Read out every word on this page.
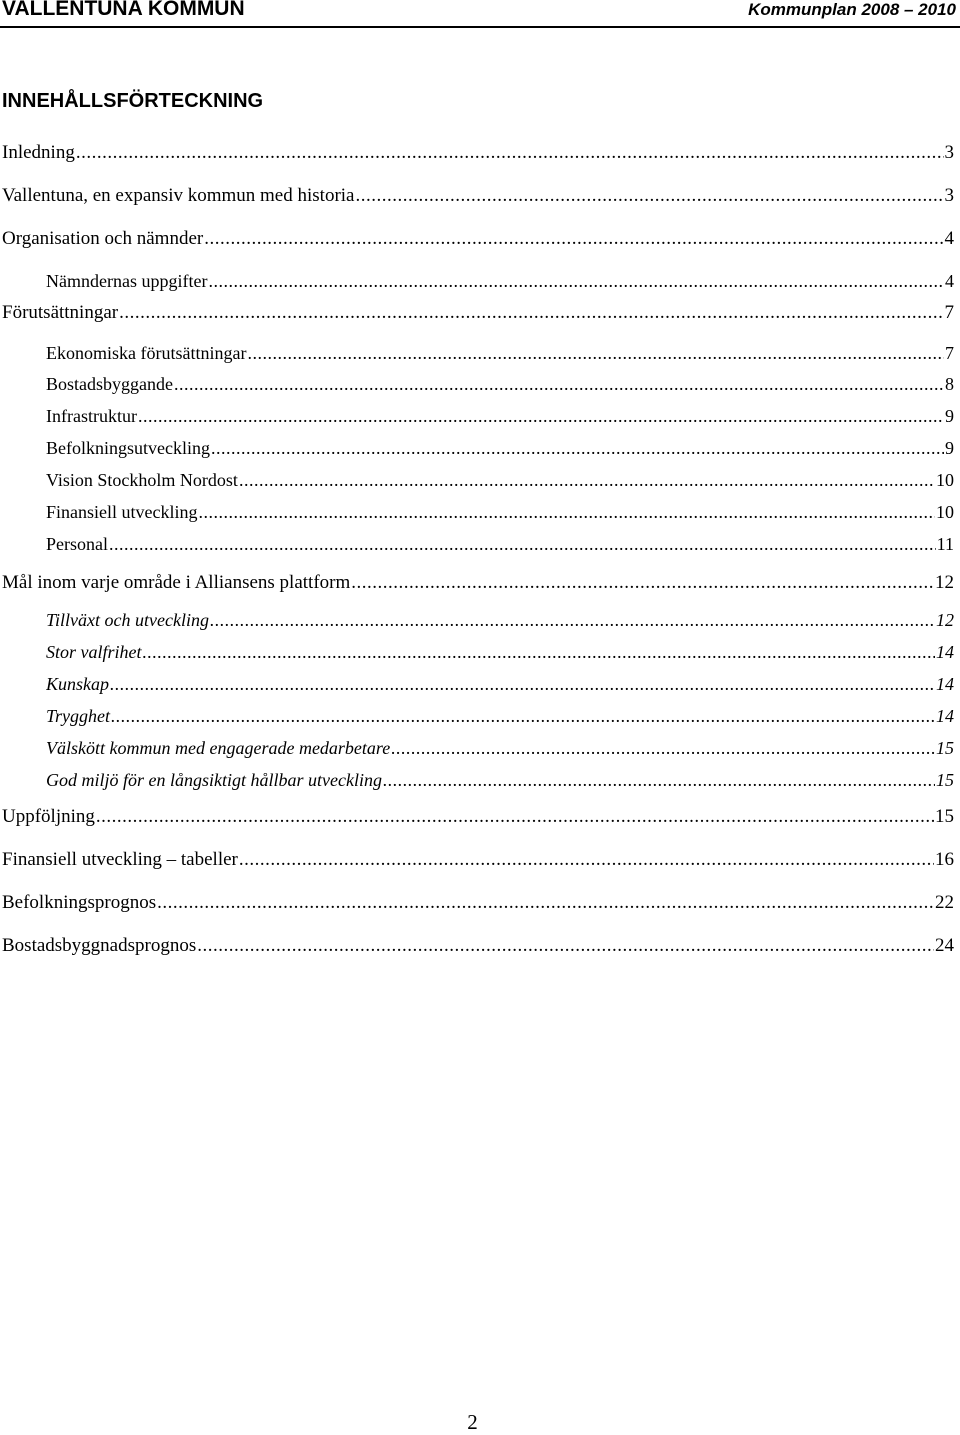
VALLENTUNA KOMMUN	Kommunplan 2008 – 2010
INNEHÅLLSFÖRTECKNING
Inledning .....	3
Vallentuna, en expansiv kommun med historia .....	3
Organisation och nämnder .....	4
Nämndernas uppgifter .....	4
Förutsättningar .....	7
Ekonomiska förutsättningar .....	7
Bostadsbyggande .....	8
Infrastruktur .....	9
Befolkningsutveckling .....	9
Vision Stockholm Nordost .....	10
Finansiell utveckling .....	10
Personal .....	11
Mål inom varje område i Alliansens plattform .....	12
Tillväxt och utveckling .....	12
Stor valfrihet .....	14
Kunskap .....	14
Trygghet .....	14
Välskött kommun med engagerade medarbetare .....	15
God miljö för en långsiktigt hållbar utveckling .....	15
Uppföljning .....	15
Finansiell utveckling – tabeller .....	16
Befolkningsprognos .....	22
Bostadsbyggnadsprognos .....	24
2
